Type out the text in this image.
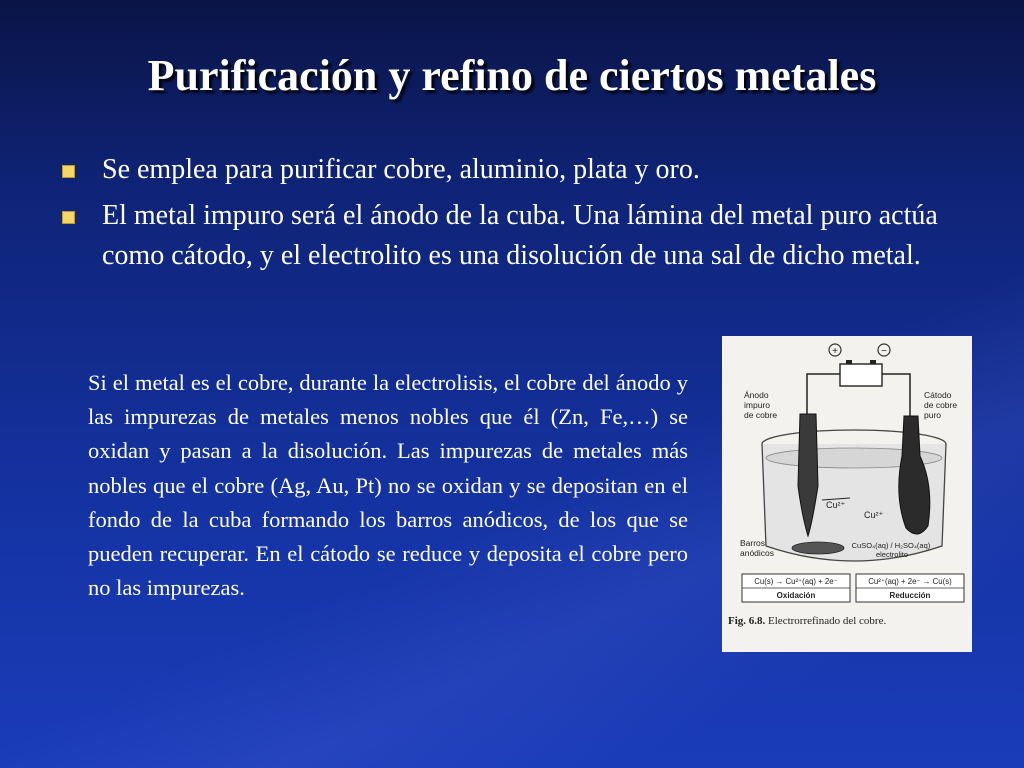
Purificación y refino de ciertos metales
Se emplea para purificar cobre, aluminio, plata y oro.
El metal impuro será el ánodo de la cuba. Una lámina del metal puro actúa como cátodo, y el electrolito es una disolución de una sal de dicho metal.

Si el metal es el cobre, durante la electrolisis, el cobre del ánodo y las impurezas de metales menos nobles que él (Zn, Fe,…) se oxidan y pasan a la disolución. Las impurezas de metales más nobles que el cobre (Ag, Au, Pt) no se oxidan y se depositan en el fondo de la cuba formando los barros anódicos, de los que se pueden recuperar. En el cátodo se reduce y deposita el cobre pero no las impurezas.

+	−
Ánodo impuro de cobre
Cátodo de cobre puro
Cu²⁺
Cu²⁺
Barros anódicos
CuSO₄(aq) / H₂SO₄(aq) electrolito
Cu(s) → Cu²⁺(aq) + 2e⁻
Oxidación
Cu²⁺(aq) + 2e⁻ → Cu(s)
Reducción
Fig. 6.8. Electrorrefinado del cobre.
